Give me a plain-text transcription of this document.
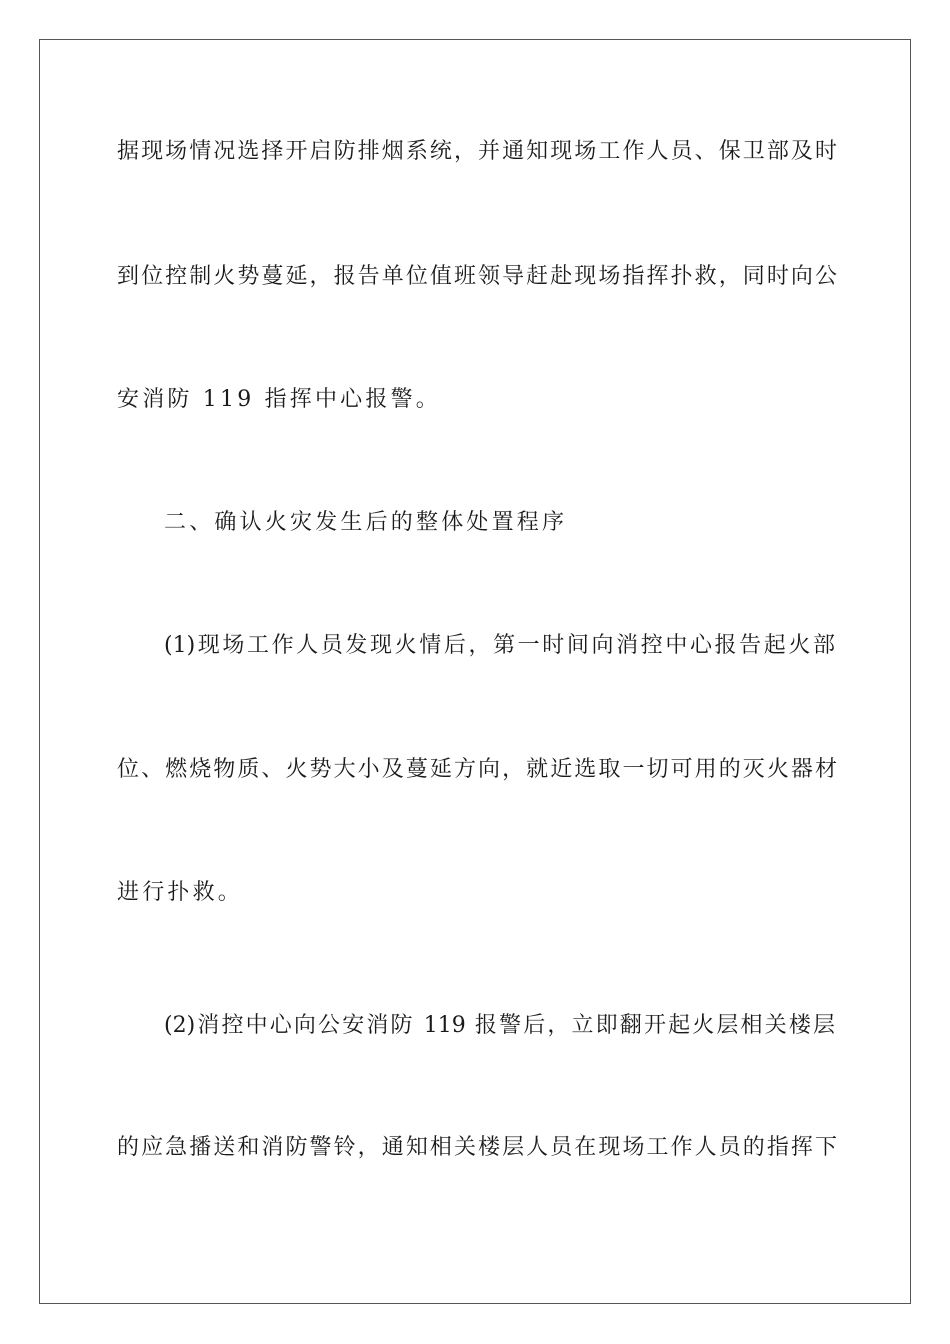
据现场情况选择开启防排烟系统，并通知现场工作人员、保卫部及时
到位控制火势蔓延，报告单位值班领导赶赴现场指挥扑救，同时向公
安消防 119 指挥中心报警。
二、确认火灾发生后的整体处置程序
(1)现场工作人员发现火情后，第一时间向消控中心报告起火部
位、燃烧物质、火势大小及蔓延方向，就近选取一切可用的灭火器材
进行扑救。
(2)消控中心向公安消防 119 报警后，立即翻开起火层相关楼层
的应急播送和消防警铃，通知相关楼层人员在现场工作人员的指挥下
